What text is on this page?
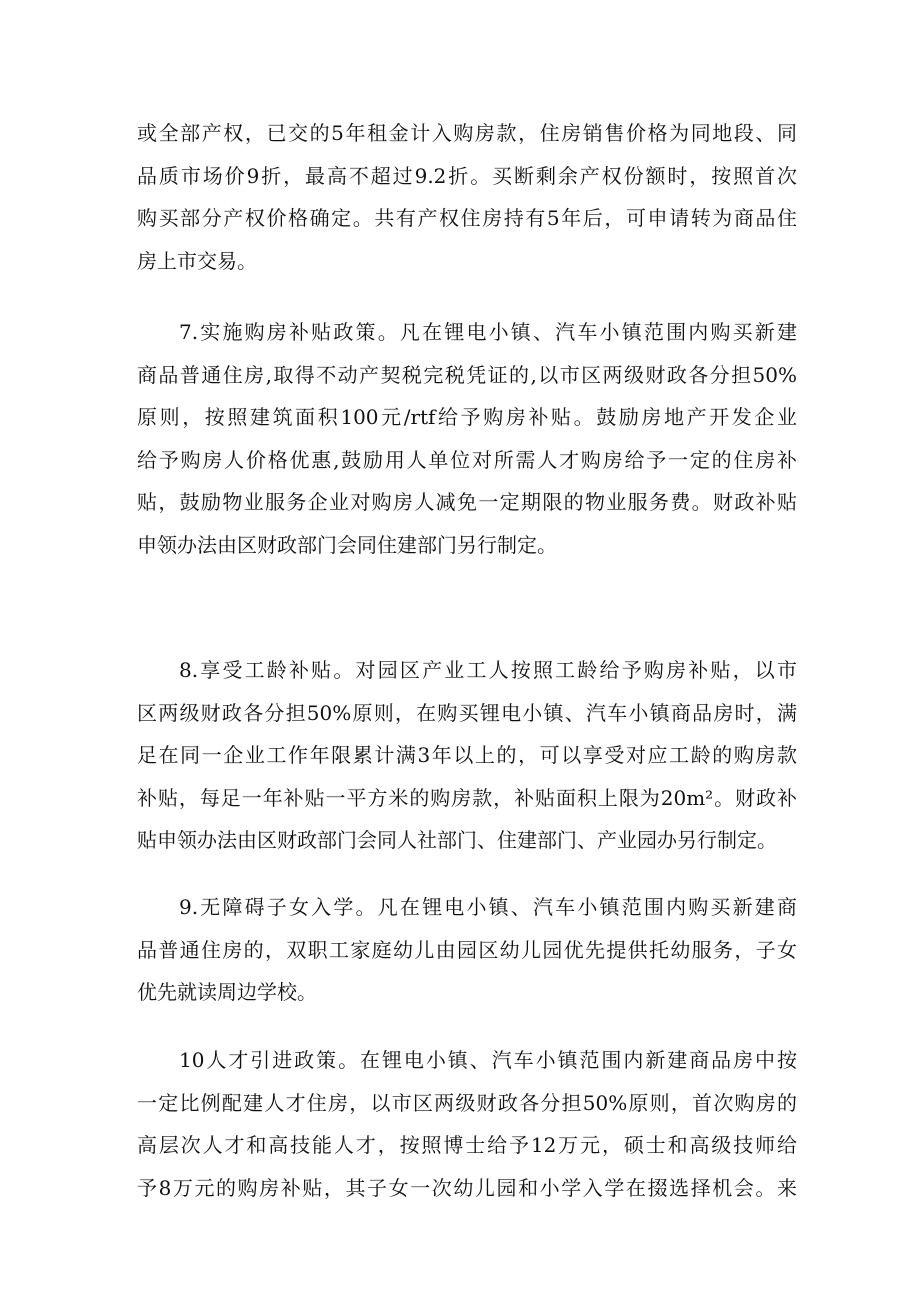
或全部产权，已交的5年租金计入购房款，住房销售价格为同地段、同
品质市场价9折，最高不超过9.2折。买断剩余产权份额时，按照首次
购买部分产权价格确定。共有产权住房持有5年后，可申请转为商品住
房上市交易。
7.实施购房补贴政策。凡在锂电小镇、汽车小镇范围内购买新建
商品普通住房,取得不动产契税完税凭证的,以市区两级财政各分担50%
原则，按照建筑面积100元/rtf给予购房补贴。鼓励房地产开发企业
给予购房人价格优惠,鼓励用人单位对所需人才购房给予一定的住房补
贴，鼓励物业服务企业对购房人减免一定期限的物业服务费。财政补贴
申领办法由区财政部门会同住建部门另行制定。
8.享受工龄补贴。对园区产业工人按照工龄给予购房补贴，以市
区两级财政各分担50%原则，在购买锂电小镇、汽车小镇商品房时，满
足在同一企业工作年限累计满3年以上的，可以享受对应工龄的购房款
补贴，每足一年补贴一平方米的购房款，补贴面积上限为20m²。财政补
贴申领办法由区财政部门会同人社部门、住建部门、产业园办另行制定。
9.无障碍子女入学。凡在锂电小镇、汽车小镇范围内购买新建商
品普通住房的，双职工家庭幼儿由园区幼儿园优先提供托幼服务，子女
优先就读周边学校。
10人才引进政策。在锂电小镇、汽车小镇范围内新建商品房中按
一定比例配建人才住房，以市区两级财政各分担50%原则，首次购房的
高层次人才和高技能人才，按照博士给予12万元，硕士和高级技师给
予8万元的购房补贴，其子女一次幼儿园和小学入学在掇选择机会。来
